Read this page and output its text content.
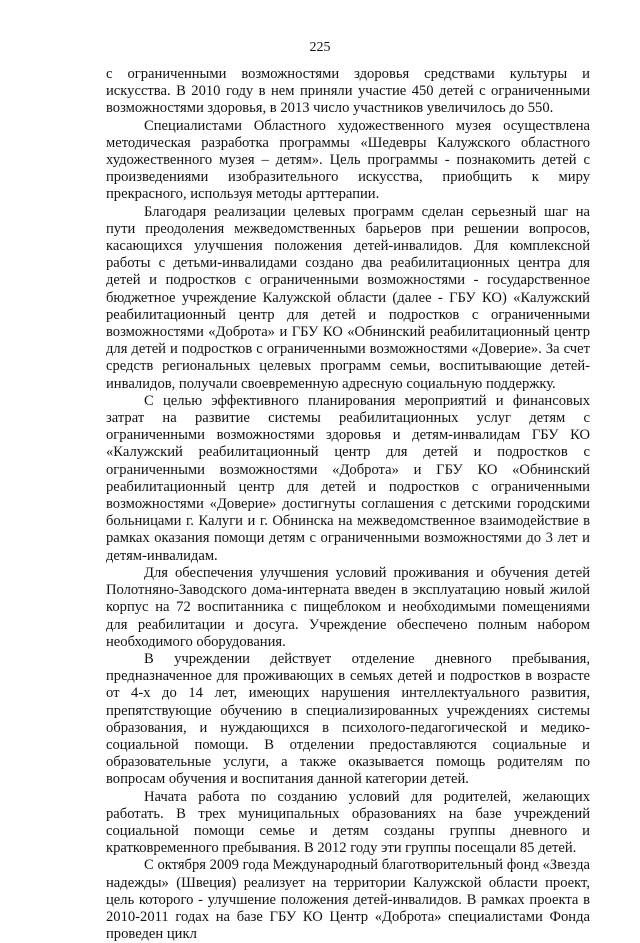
225

с ограниченными возможностями здоровья средствами культуры и искусства. В 2010 году в нем приняли участие 450 детей с ограниченными возможностями здоровья, в 2013 число участников увеличилось до 550.

Специалистами Областного художественного музея осуществлена методическая разработка программы «Шедевры Калужского областного художественного музея – детям». Цель программы - познакомить детей с произведениями изобразительного искусства, приобщить к миру прекрасного, используя методы арттерапии.

Благодаря реализации целевых программ сделан серьезный шаг на пути преодоления межведомственных барьеров при решении вопросов, касающихся улучшения положения детей-инвалидов. Для комплексной работы с детьми-инвалидами создано два реабилитационных центра для детей и подростков с ограниченными возможностями - государственное бюджетное учреждение Калужской области (далее - ГБУ КО) «Калужский реабилитационный центр для детей и подростков с ограниченными возможностями «Доброта» и ГБУ КО «Обнинский реабилитационный центр для детей и подростков с ограниченными возможностями «Доверие». За счет средств региональных целевых программ семьи, воспитывающие детей-инвалидов, получали своевременную адресную социальную поддержку.

С целью эффективного планирования мероприятий и финансовых затрат на развитие системы реабилитационных услуг детям с ограниченными возможностями здоровья и детям-инвалидам ГБУ КО «Калужский реабилитационный центр для детей и подростков с ограниченными возможностями «Доброта» и ГБУ КО «Обнинский реабилитационный центр для детей и подростков с ограниченными возможностями «Доверие» достигнуты соглашения с детскими городскими больницами г. Калуги и г. Обнинска на межведомственное взаимодействие в рамках оказания помощи детям с ограниченными возможностями до 3 лет и детям-инвалидам.

Для обеспечения улучшения условий проживания и обучения детей Полотняно-Заводского дома-интерната введен в эксплуатацию новый жилой корпус на 72 воспитанника с пищеблоком и необходимыми помещениями для реабилитации и досуга. Учреждение обеспечено полным набором необходимого оборудования.

В учреждении действует отделение дневного пребывания, предназначенное для проживающих в семьях детей и подростков в возрасте от 4-х до 14 лет, имеющих нарушения интеллектуального развития, препятствующие обучению в специализированных учреждениях системы образования, и нуждающихся в психолого-педагогической и медико-социальной помощи. В отделении предоставляются социальные и образовательные услуги, а также оказывается помощь родителям по вопросам обучения и воспитания данной категории детей.

Начата работа по созданию условий для родителей, желающих работать. В трех муниципальных образованиях на базе учреждений социальной помощи семье и детям созданы группы дневного и кратковременного пребывания. В 2012 году эти группы посещали 85 детей.

С октября 2009 года Международный благотворительный фонд «Звезда надежды» (Швеция) реализует на территории Калужской области проект, цель которого - улучшение положения детей-инвалидов. В рамках проекта в 2010-2011 годах на базе ГБУ КО Центр «Доброта» специалистами Фонда проведен цикл
